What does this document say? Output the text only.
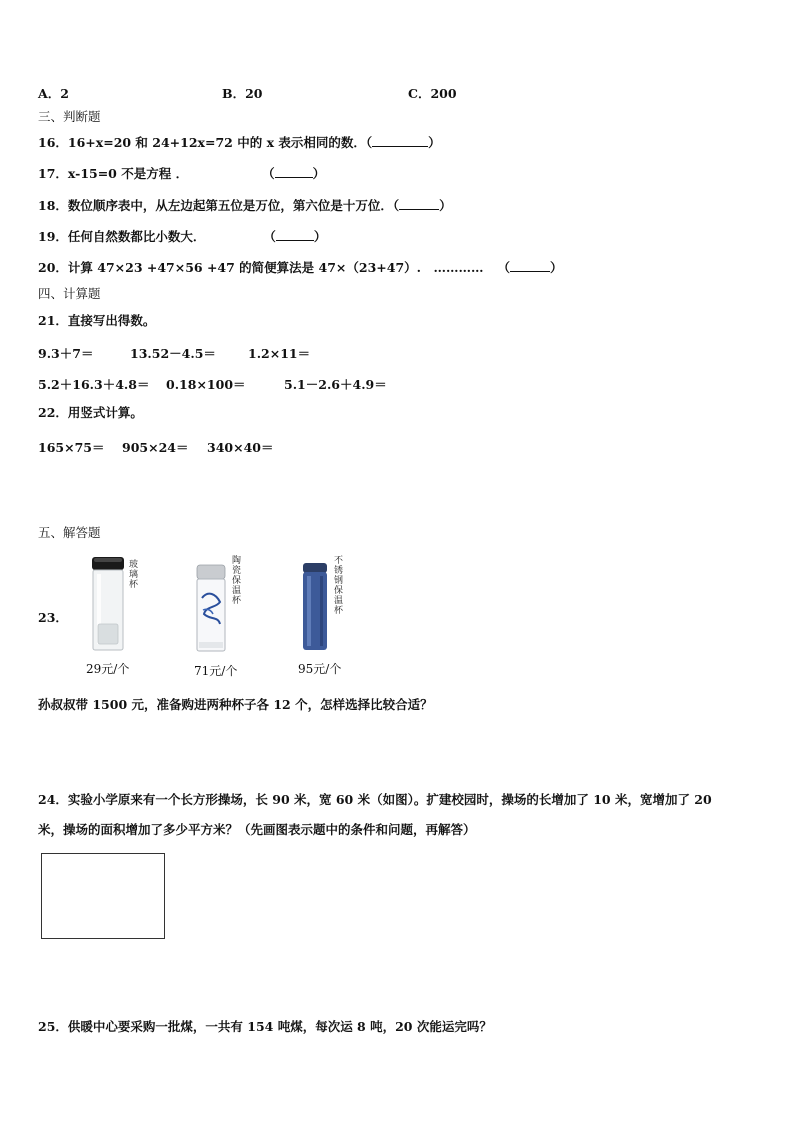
A．2	B．20	C．200
三、判断题
16．16+x=20 和 24+12x=72 中的 x 表示相同的数．（	）
17．x-15=0 不是方程 ．	（	）
18．数位顺序表中，从左边起第五位是万位，第六位是十万位．（	）
19．任何自然数都比小数大．	（	）
20．计算 47×23 +47×56 +47 的简便算法是 47×（23+47）.　………… （	）
四、计算题
21．直接写出得数。
9.3＋7＝	13.52－4.5＝	1.2×11＝
5.2＋16.3＋4.8＝ 0.18×100＝	5.1－2.6＋4.9＝
22．用竖式计算。
165×75＝ 905×24＝ 340×40＝
五、解答题
23．
玻璃杯
29元/个
陶瓷保温杯
71元/个
不锈钢保温杯
95元/个
孙叔叔带 1500 元，准备购进两种杯子各 12 个，怎样选择比较合适？
24．实验小学原来有一个长方形操场，长 90 米，宽 60 米（如图）。扩建校园时，操场的长增加了 10 米，宽增加了 20
米，操场的面积增加了多少平方米？（先画图表示题中的条件和问题，再解答）
25．供暖中心要采购一批煤，一共有 154 吨煤，每次运 8 吨，20 次能运完吗？
